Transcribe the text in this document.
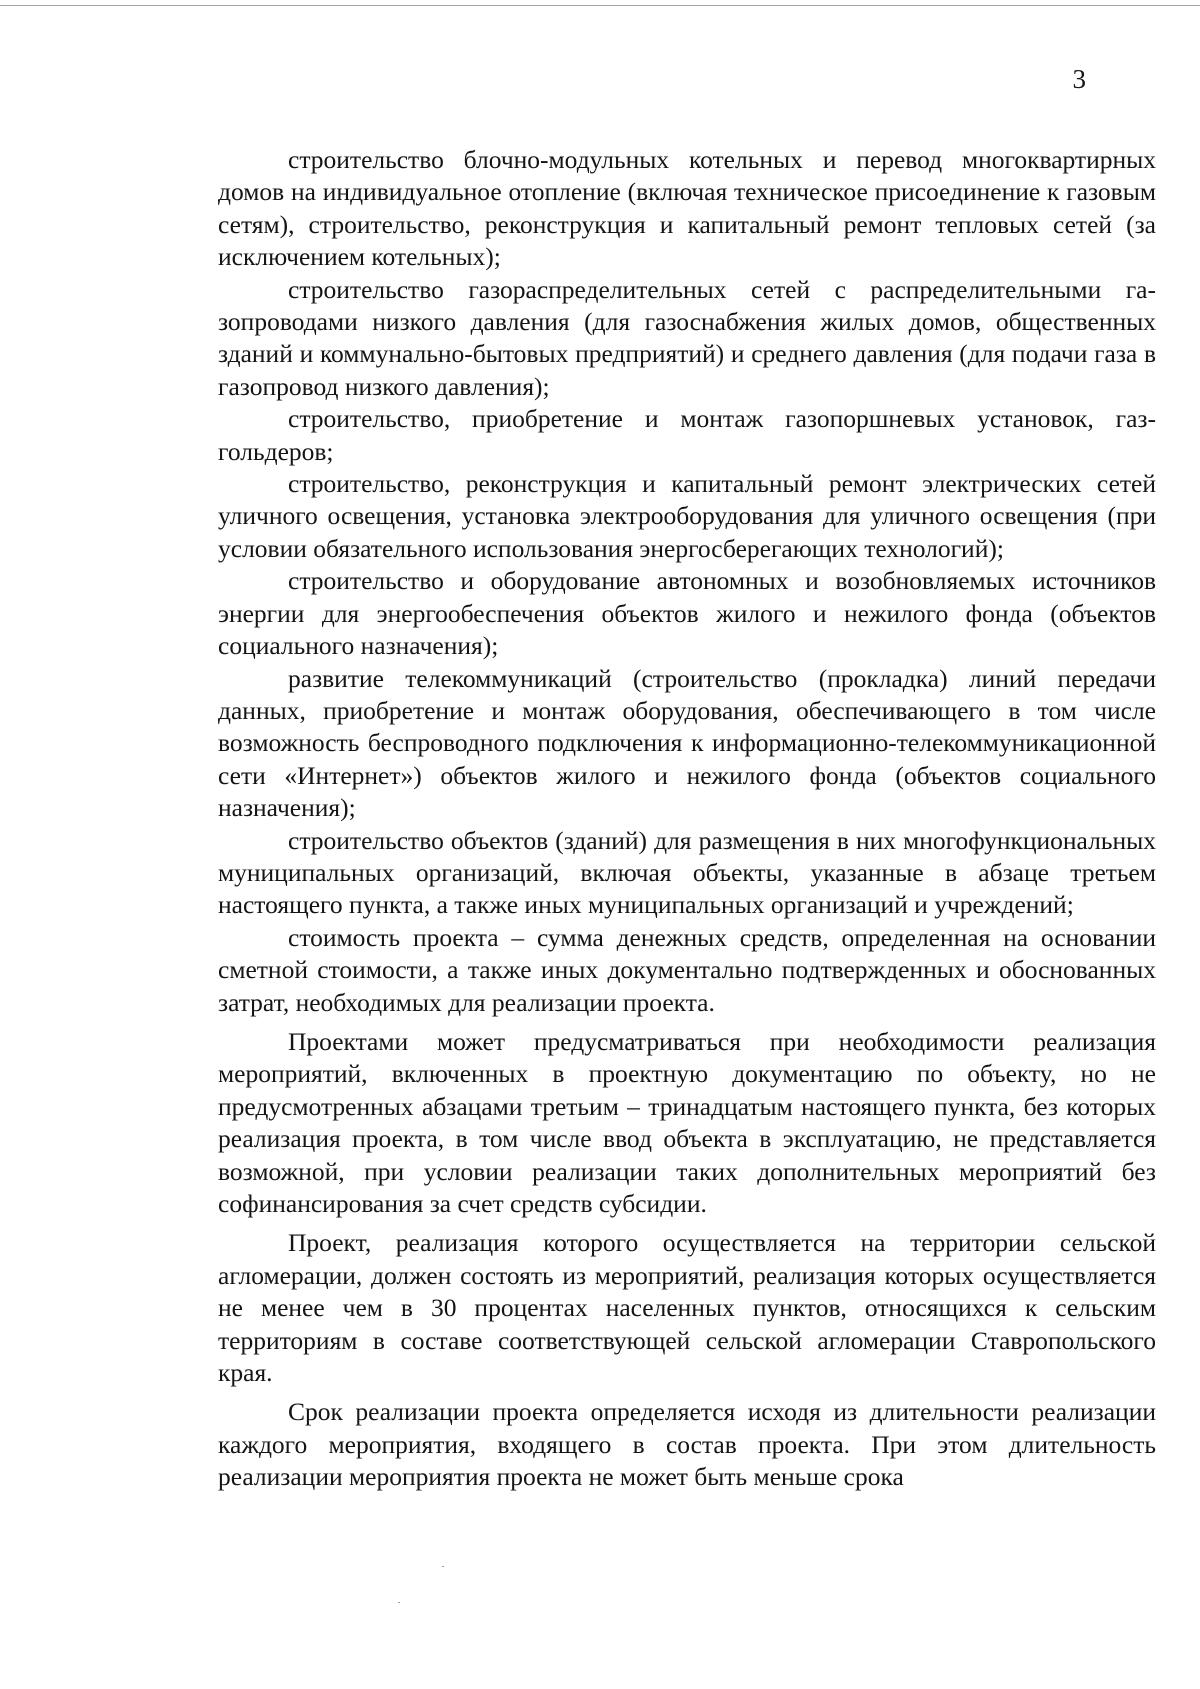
3

строительство блочно-модульных котельных и перевод многоквартирных домов на индивидуальное отопление (включая техническое присоединение к газовым сетям), строительство, реконструкция и капитальный ремонт тепловых сетей (за исключением котельных);

строительство газораспределительных сетей с распределительными газопроводами низкого давления (для газоснабжения жилых домов, общественных зданий и коммунально-бытовых предприятий) и среднего давления (для подачи газа в газопровод низкого давления);

строительство, приобретение и монтаж газопоршневых установок, газгольдеров;

строительство, реконструкция и капитальный ремонт электрических сетей уличного освещения, установка электрооборудования для уличного освещения (при условии обязательного использования энергосберегающих технологий);

строительство и оборудование автономных и возобновляемых источников энергии для энергообеспечения объектов жилого и нежилого фонда (объектов социального назначения);

развитие телекоммуникаций (строительство (прокладка) линий передачи данных, приобретение и монтаж оборудования, обеспечивающего в том числе возможность беспроводного подключения к информационно-телекоммуникационной сети «Интернет») объектов жилого и нежилого фонда (объектов социального назначения);

строительство объектов (зданий) для размещения в них многофункциональных муниципальных организаций, включая объекты, указанные в абзаце третьем настоящего пункта, а также иных муниципальных организаций и учреждений;

стоимость проекта – сумма денежных средств, определенная на основании сметной стоимости, а также иных документально подтвержденных и обоснованных затрат, необходимых для реализации проекта.

Проектами может предусматриваться при необходимости реализация мероприятий, включенных в проектную документацию по объекту, но не предусмотренных абзацами третьим – тринадцатым настоящего пункта, без которых реализация проекта, в том числе ввод объекта в эксплуатацию, не представляется возможной, при условии реализации таких дополнительных мероприятий без софинансирования за счет средств субсидии.

Проект, реализация которого осуществляется на территории сельской агломерации, должен состоять из мероприятий, реализация которых осуществляется не менее чем в 30 процентах населенных пунктов, относящихся к сельским территориям в составе соответствующей сельской агломерации Ставропольского края.

Срок реализации проекта определяется исходя из длительности реализации каждого мероприятия, входящего в состав проекта. При этом длительность реализации мероприятия проекта не может быть меньше срока
